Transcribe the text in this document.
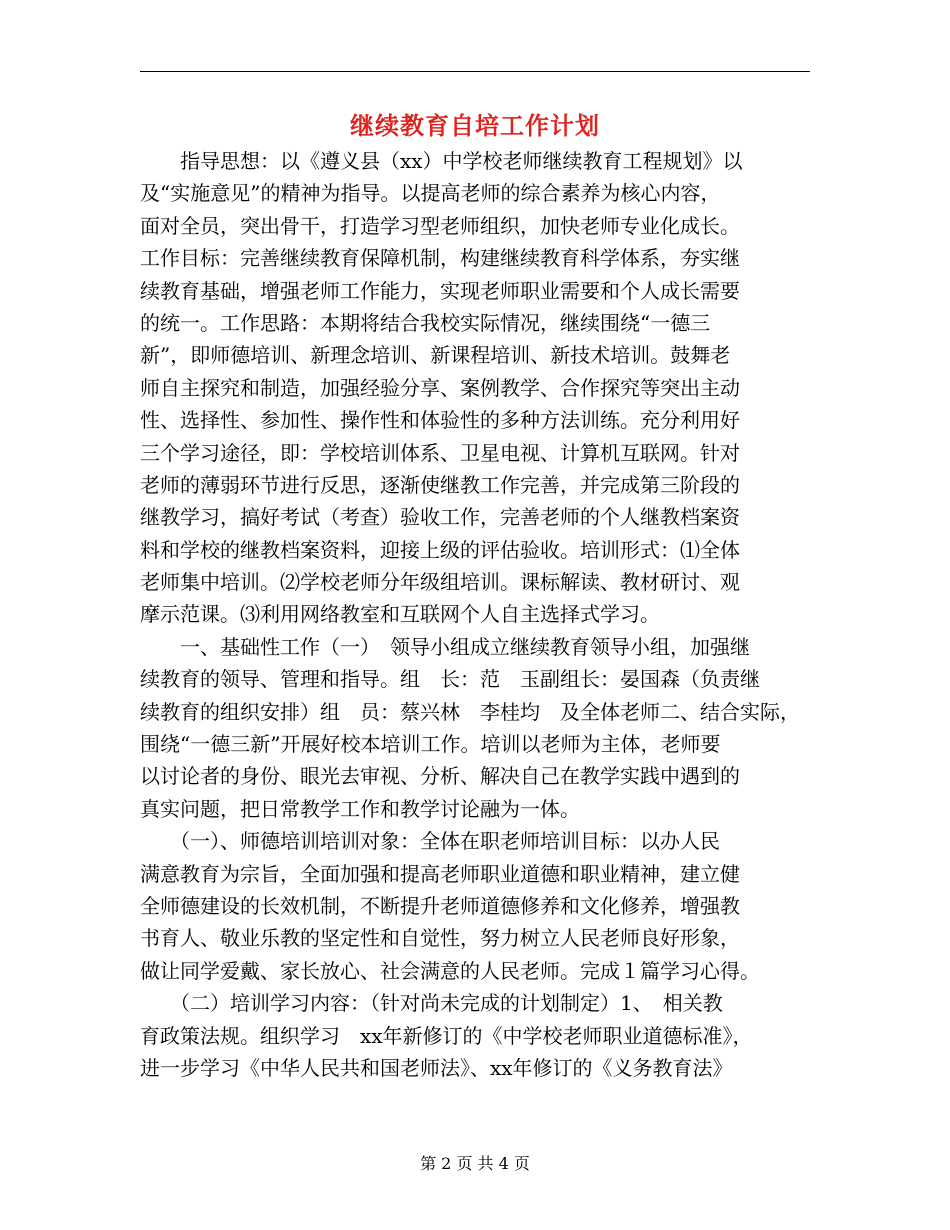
继续教育自培工作计划
　　指导思想：以《遵义县（xx）中学校老师继续教育工程规划》以
及“实施意见”的精神为指导。以提高老师的综合素养为核心内容，
面对全员，突出骨干，打造学习型老师组织，加快老师专业化成长。
工作目标：完善继续教育保障机制，构建继续教育科学体系，夯实继
续教育基础，增强老师工作能力，实现老师职业需要和个人成长需要
的统一。工作思路：本期将结合我校实际情况，继续围绕“一德三
新”，即师德培训、新理念培训、新课程培训、新技术培训。鼓舞老
师自主探究和制造，加强经验分享、案例教学、合作探究等突出主动
性、选择性、参加性、操作性和体验性的多种方法训练。充分利用好
三个学习途径，即：学校培训体系、卫星电视、计算机互联网。针对
老师的薄弱环节进行反思，逐渐使继教工作完善，并完成第三阶段的
继教学习，搞好考试（考查）验收工作，完善老师的个人继教档案资
料和学校的继教档案资料，迎接上级的评估验收。培训形式：⑴全体
老师集中培训。⑵学校老师分年级组培训。课标解读、教材研讨、观
摩示范课。⑶利用网络教室和互联网个人自主选择式学习。
　　一、基础性工作（一）　领导小组成立继续教育领导小组，加强继
续教育的领导、管理和指导。组　长：范　玉副组长：晏国森（负责继
续教育的组织安排）组　员：蔡兴林　李桂均　及全体老师二、结合实际，
围绕“一德三新”开展好校本培训工作。培训以老师为主体，老师要
以讨论者的身份、眼光去审视、分析、解决自己在教学实践中遇到的
真实问题，把日常教学工作和教学讨论融为一体。
　　（一）、师德培训培训对象：全体在职老师培训目标：以办人民
满意教育为宗旨，全面加强和提高老师职业道德和职业精神，建立健
全师德建设的长效机制，不断提升老师道德修养和文化修养，增强教
书育人、敬业乐教的坚定性和自觉性，努力树立人民老师良好形象，
做让同学爱戴、家长放心、社会满意的人民老师。完成１篇学习心得。
　　（二）培训学习内容：（针对尚未完成的计划制定）1、　相关教
育政策法规。组织学习　xx年新修订的《中学校老师职业道德标准》，
进一步学习《中华人民共和国老师法》、xx年修订的《义务教育法》
第 2 页 共 4 页
